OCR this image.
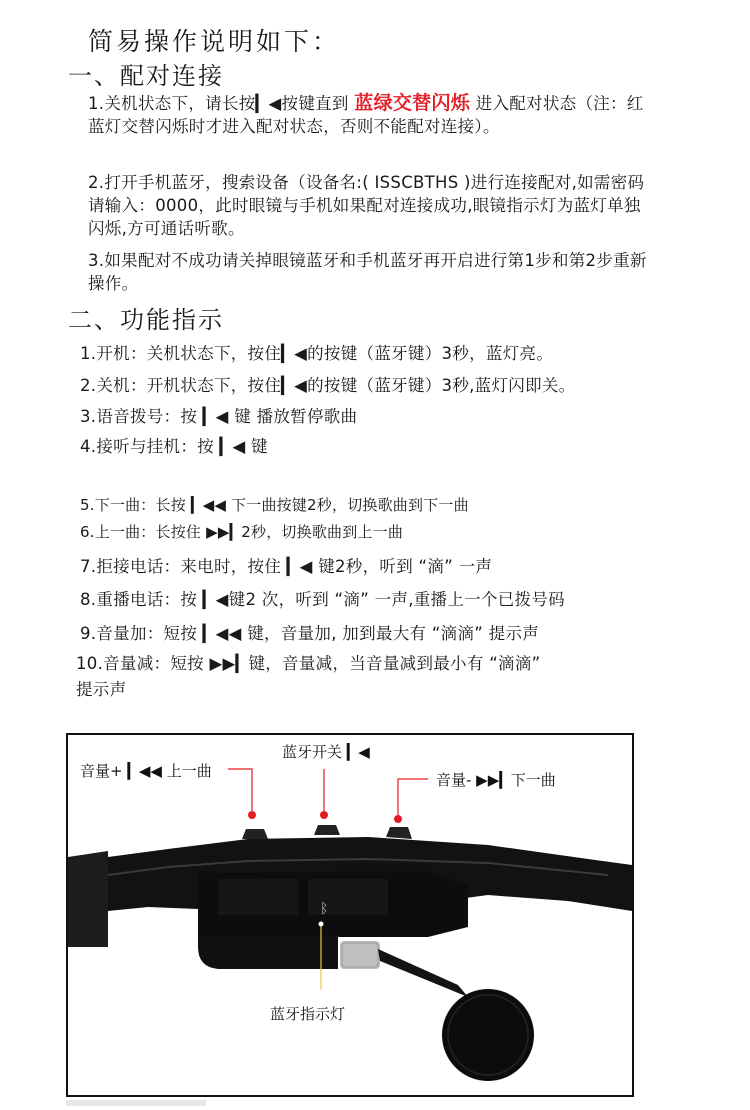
简易操作说明如下：
一、配对连接
1.关机状态下，请长按▎◀按键直到 蓝绿交替闪烁 进入配对状态（注：红蓝灯交替闪烁时才进入配对状态，否则不能配对连接）。
2.打开手机蓝牙，搜索设备（设备名:( ISSCBTHS )进行连接配对,如需密码请输入：0000，此时眼镜与手机如果配对连接成功,眼镜指示灯为蓝灯单独闪烁,方可通话听歌。
3.如果配对不成功请关掉眼镜蓝牙和手机蓝牙再开启进行第1步和第2步重新操作。
二、功能指示
1.开机：关机状态下，按住▎◀的按键（蓝牙键）3秒，蓝灯亮。
2.关机：开机状态下，按住▎◀的按键（蓝牙键）3秒,蓝灯闪即关。
3.语音拨号：按 ▎◀ 键 播放暂停歌曲
4.接听与挂机：按 ▎◀ 键
5.下一曲：长按 ▎◀◀ 下一曲按键2秒，切换歌曲到下一曲
6.上一曲：长按住 ▶▶▎2秒，切换歌曲到上一曲
7.拒接电话：来电时，按住 ▎◀ 键2秒，听到 “滴” 一声
8.重播电话：按 ▎◀键2 次，听到 “滴” 一声,重播上一个已拨号码
9.音量加：短按 ▎◀◀ 键，音量加, 加到最大有 “滴滴” 提示声
10.音量减：短按 ▶▶▎键，音量减，当音量减到最小有 “滴滴”
提示声
ᛒ
音量+ ▎◀◀ 上一曲
蓝牙开关 ▎◀
音量- ▶▶▎下一曲
蓝牙指示灯
